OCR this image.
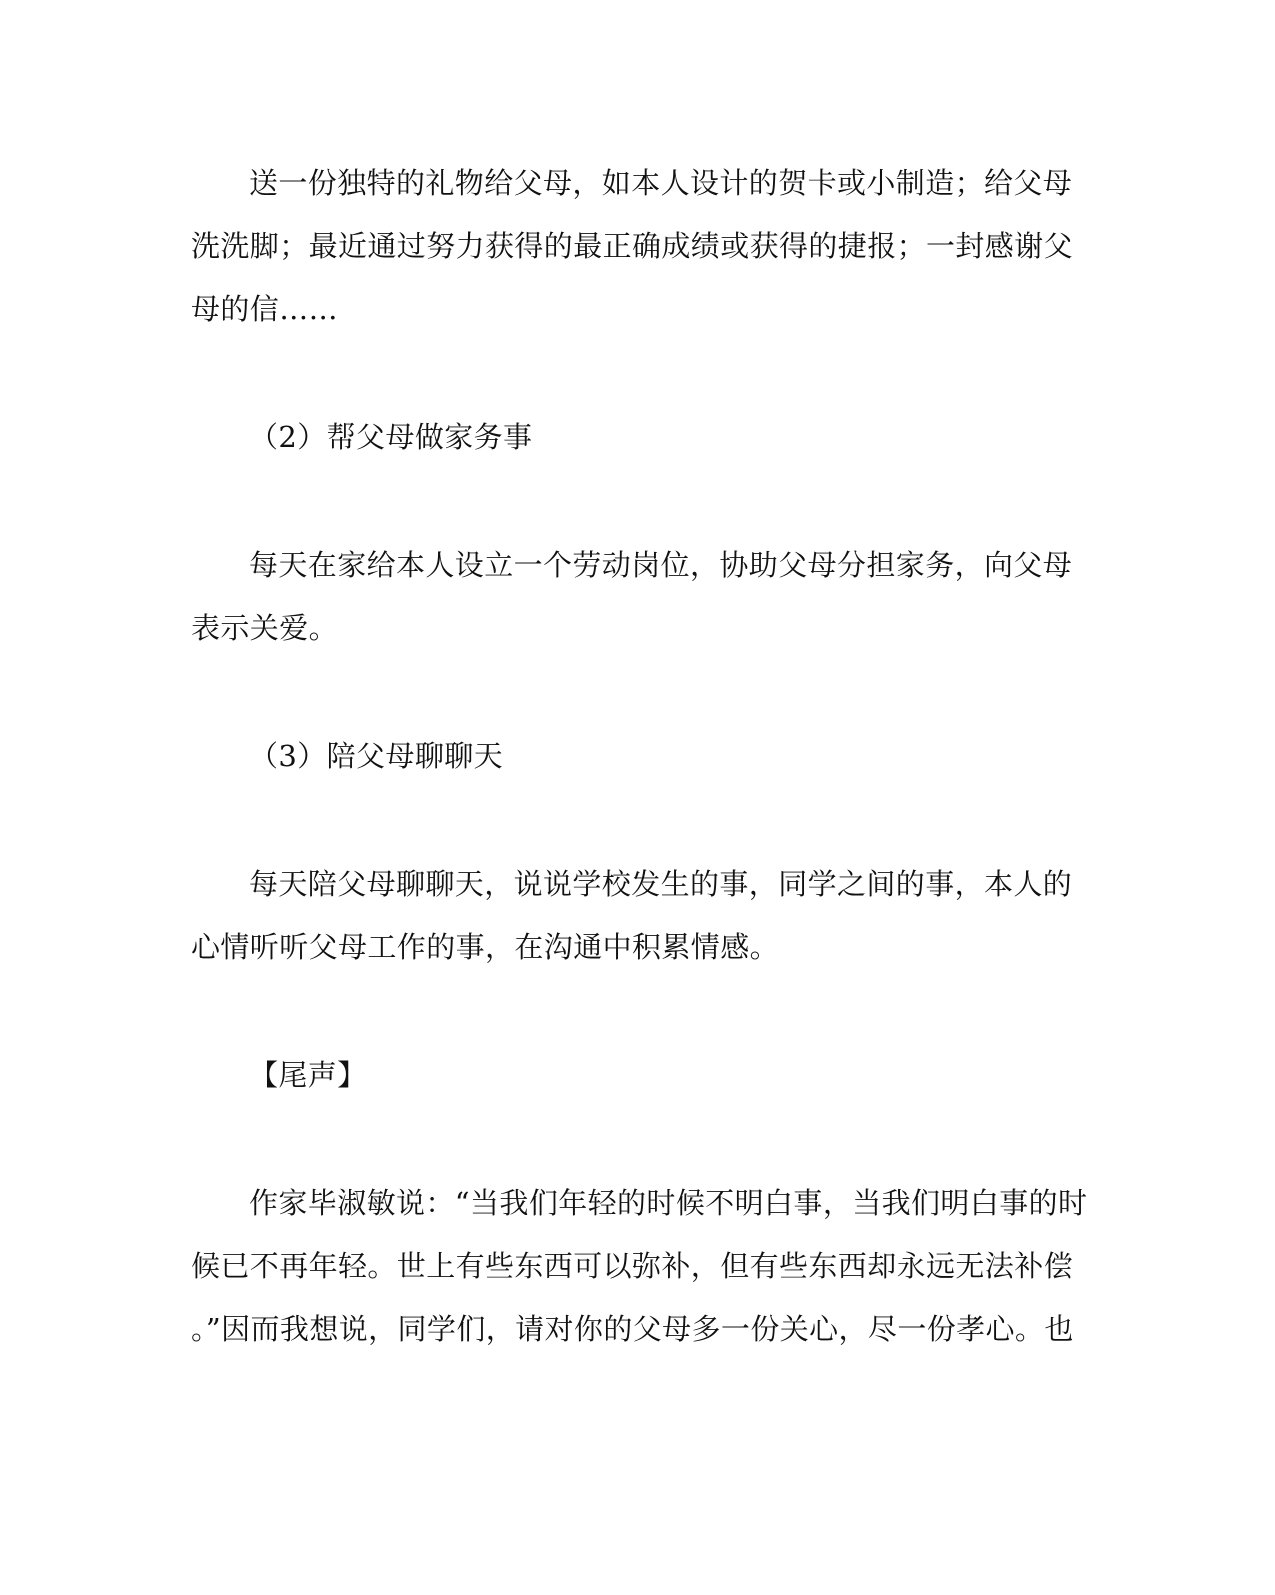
送一份独特的礼物给父母，如本人设计的贺卡或小制造；给父母
洗洗脚；最近通过努力获得的最正确成绩或获得的捷报；一封感谢父
母的信……
（2）帮父母做家务事
每天在家给本人设立一个劳动岗位，协助父母分担家务，向父母
表示关爱。
（3）陪父母聊聊天
每天陪父母聊聊天，说说学校发生的事，同学之间的事，本人的
心情听听父母工作的事，在沟通中积累情感。
【尾声】
作家毕淑敏说：“当我们年轻的时候不明白事，当我们明白事的时
候已不再年轻。世上有些东西可以弥补，但有些东西却永远无法补偿
。”因而我想说，同学们，请对你的父母多一份关心，尽一份孝心。也
